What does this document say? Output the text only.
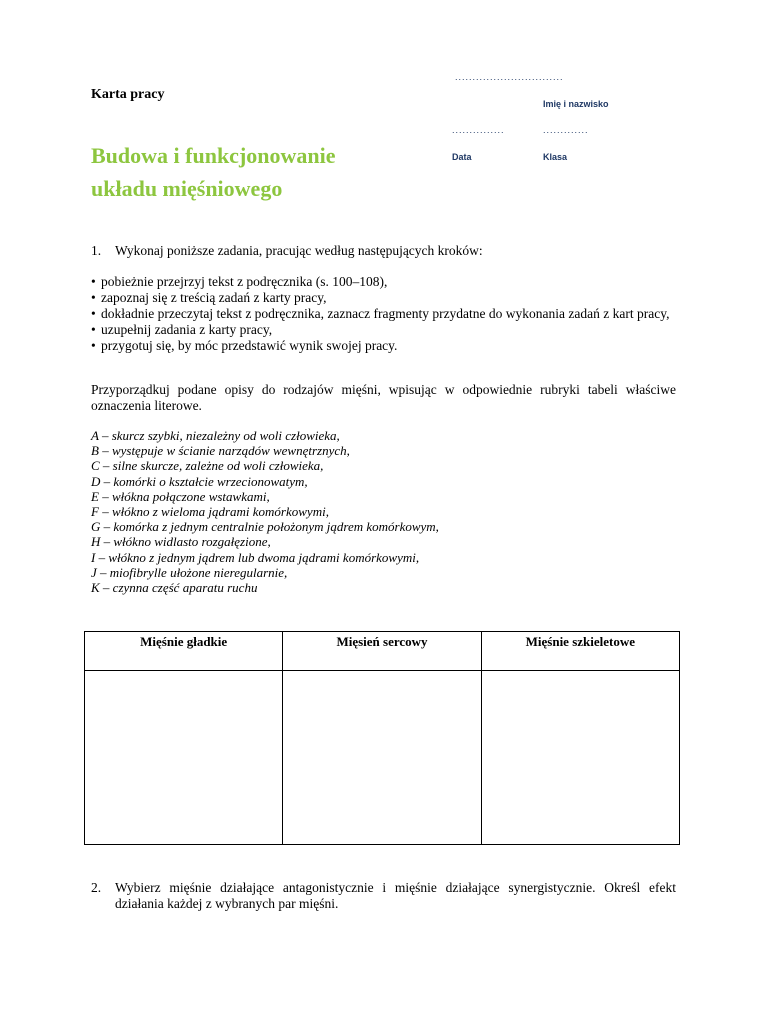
Karta pracy
Budowa i funkcjonowanie
układu mięśniowego
...............................
Imię i nazwisko
...............	.............
Data	Klasa
1. Wykonaj poniższe zadania, pracując według następujących kroków:
• pobieżnie przejrzyj tekst z podręcznika (s. 100–108),
• zapoznaj się z treścią zadań z karty pracy,
• dokładnie przeczytaj tekst z podręcznika, zaznacz fragmenty przydatne do wykonania zadań z kart pracy,
• uzupełnij zadania z karty pracy,
• przygotuj się, by móc przedstawić wynik swojej pracy.
Przyporządkuj podane opisy do rodzajów mięśni, wpisując w odpowiednie rubryki tabeli właściwe oznaczenia literowe.
A – skurcz szybki, niezależny od woli człowieka,
B – występuje w ścianie narządów wewnętrznych,
C – silne skurcze, zależne od woli człowieka,
D – komórki o kształcie wrzecionowatym,
E – włókna połączone wstawkami,
F – włókno z wieloma jądrami komórkowymi,
G – komórka z jednym centralnie położonym jądrem komórkowym,
H – włókno widlasto rozgałęzione,
I – włókno z jednym jądrem lub dwoma jądrami komórkowymi,
J – miofibrylle ułożone nieregularnie,
K – czynna część aparatu ruchu
Mięśnie gładkie	Mięsień sercowy	Mięśnie szkieletowe

2. Wybierz mięśnie działające antagonistycznie i mięśnie działające synergistycznie. Określ efekt działania każdej z wybranych par mięśni.
